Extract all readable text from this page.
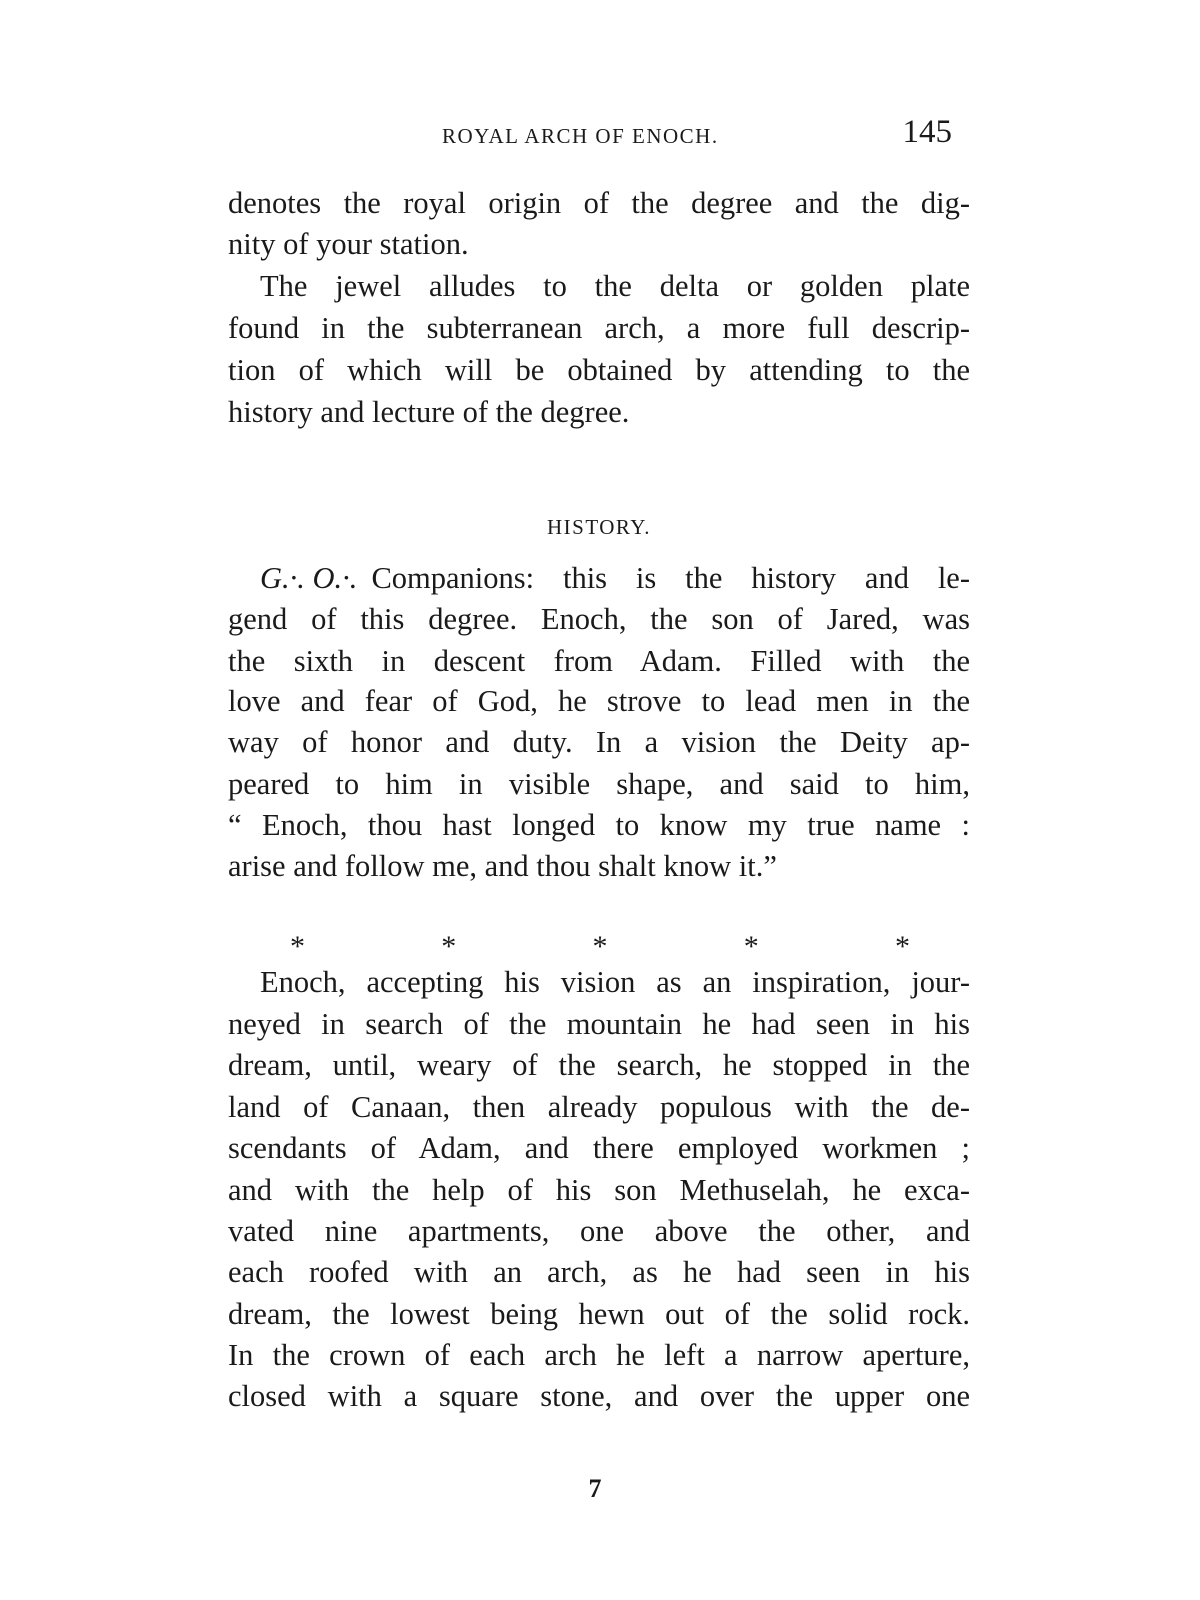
ROYAL ARCH OF ENOCH.	145
denotes the royal origin of the degree and the dig-
nity of your station.
The jewel alludes to the delta or golden plate
found in the subterranean arch, a more full descrip-
tion of which will be obtained by attending to the
history and lecture of the degree.
HISTORY.
G.·. O.·. Companions: this is the history and le-
gend of this degree. Enoch, the son of Jared, was
the sixth in descent from Adam. Filled with the
love and fear of God, he strove to lead men in the
way of honor and duty. In a vision the Deity ap-
peared to him in visible shape, and said to him,
“ Enoch, thou hast longed to know my true name :
arise and follow me, and thou shalt know it.”
*	*	*	*	*
Enoch, accepting his vision as an inspiration, jour-
neyed in search of the mountain he had seen in his
dream, until, weary of the search, he stopped in the
land of Canaan, then already populous with the de-
scendants of Adam, and there employed workmen ;
and with the help of his son Methuselah, he exca-
vated nine apartments, one above the other, and
each roofed with an arch, as he had seen in his
dream, the lowest being hewn out of the solid rock.
In the crown of each arch he left a narrow aperture,
closed with a square stone, and over the upper one
7
